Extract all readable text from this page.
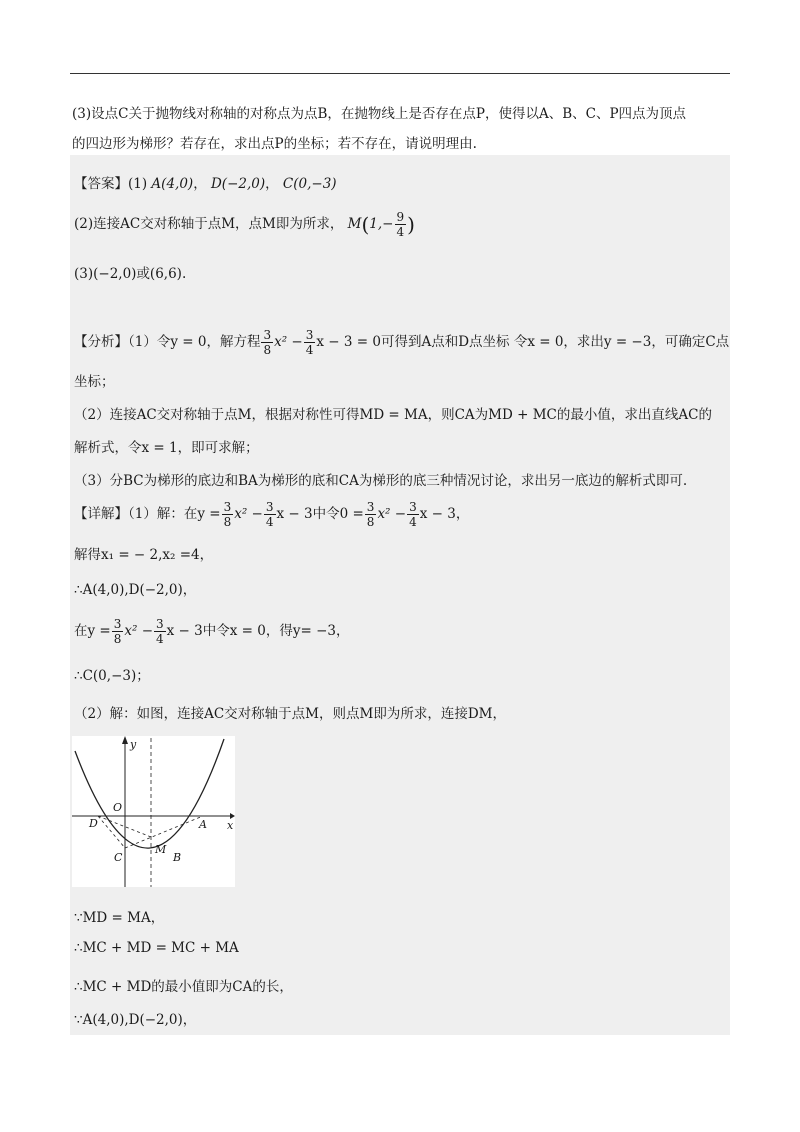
(3)设点C关于抛物线对称轴的对称点为点B，在抛物线上是否存在点P，使得以A、B、C、P四点为顶点
的四边形为梯形？若存在，求出点P的坐标；若不存在，请说明理由.
【答案】(1) A(4,0)， D(−2,0)， C(0,−3)
(2)连接AC交对称轴于点M，点M即为所求， $M(1,- \frac{9}{4}$ )
(3)(−2,0)或(6,6).
【分析】（1）令y = 0，解方程 $\frac{3}{8} x^2 - \frac{3}{4}$ x − 3 = 0可得到A点和D点坐标 令x = 0，求出y = −3，可确定C点
坐标；
（2）连接AC交对称轴于点M，根据对称性可得MD = MA，则CA为MD + MC的最小值，求出直线AC的
解析式，令x = 1，即可求解；
（3）分BC为梯形的底边和BA为梯形的底和CA为梯形的底三种情况讨论，求出另一底边的解析式即可.
【详解】（1）解：在$y = \frac{3}{8} x^2 - \frac{3}{4}$ x − 3中令$0 = \frac{3}{8} x^2 - \frac{3}{4}$ x − 3，
解得x₁ = − 2,x₂ =4，
∴A(4,0),D(−2,0)，
在$y = \frac{3}{8} x^2 - \frac{3}{4}$ x − 3中令x = 0，得y= −3，
∴C(0,−3)；
（2）解：如图，连接AC交对称轴于点M，则点M即为所求，连接DM，
y
x
O
D	A
C
M
B
∵MD = MA，
∴MC + MD = MC + MA
∴MC + MD的最小值即为CA的长，
∵A(4,0),D(−2,0)，
